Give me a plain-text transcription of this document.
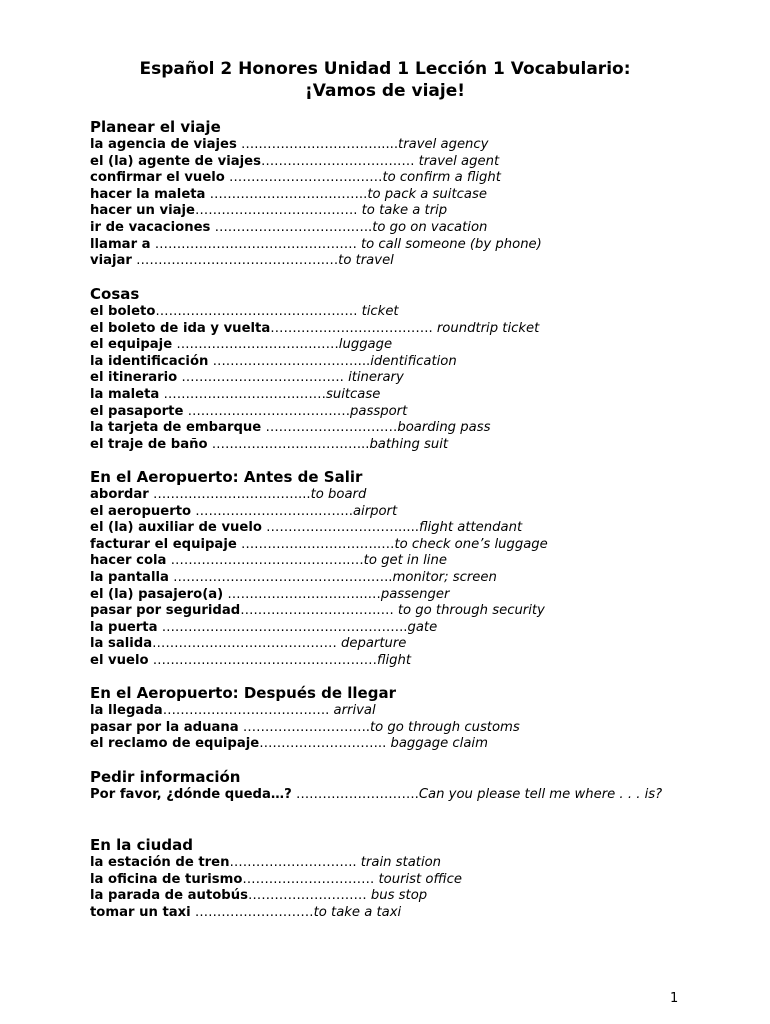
Español 2 Honores Unidad 1 Lección 1 Vocabulario:
¡Vamos de viaje!
Planear el viaje

la agencia de viajes ….……………………….....travel agency

el (la) agente de viajes………………………….…. travel agent

confirmar el vuelo ………………………..……to confirm a flight

hacer la maleta ……………………….……..to pack a suitcase

hacer un viaje………………………………. to take a trip

ir de vacaciones ………………………….…..to go on vacation

llamar a ………………………………………. to call someone (by phone)

viajar …………………………………….…to travel

Cosas

el boleto………………………………………. ticket

el boleto de ida y vuelta………………………………. roundtrip ticket

el equipaje ………………………….……luggage

la identificación ……………………………...identification

el itinerario ………………………………. itinerary

la maleta ………………………….……suitcase

el pasaporte …………………………….…passport

la tarjeta de embarque …………………………boarding pass

el traje de baño ……………………………...bathing suit

En el Aeropuerto: Antes de Salir

abordar ……………………………...to board

el aeropuerto ……………………….……..airport

el (la) auxiliar de vuelo ………………………….....flight attendant

facturar el equipaje …………………………..…to check one’s luggage

hacer cola …………………………………..…to get in line

la pantalla …………………………………………..monitor; screen

el (la) pasajero(a) …………………………..…passenger

pasar por seguridad………………………….…. to go through security

la puerta ………………………………………………..gate

la salida…………………………………… departure

el vuelo ……………………………………………flight

En el Aeropuerto: Después de llegar

la llegada…………………………….…. arrival

pasar por la aduana ………………………..to go through customs

el reclamo de equipaje……………………….. baggage claim

Pedir información

Por favor, ¿dónde queda…? ……………………….Can you please tell me where . . . is?

En la ciudad

la estación de tren……………………….. train station

la oficina de turismo………………………… tourist office

la parada de autobús……………………… bus stop

tomar un taxi ………………………to take a taxi

1
